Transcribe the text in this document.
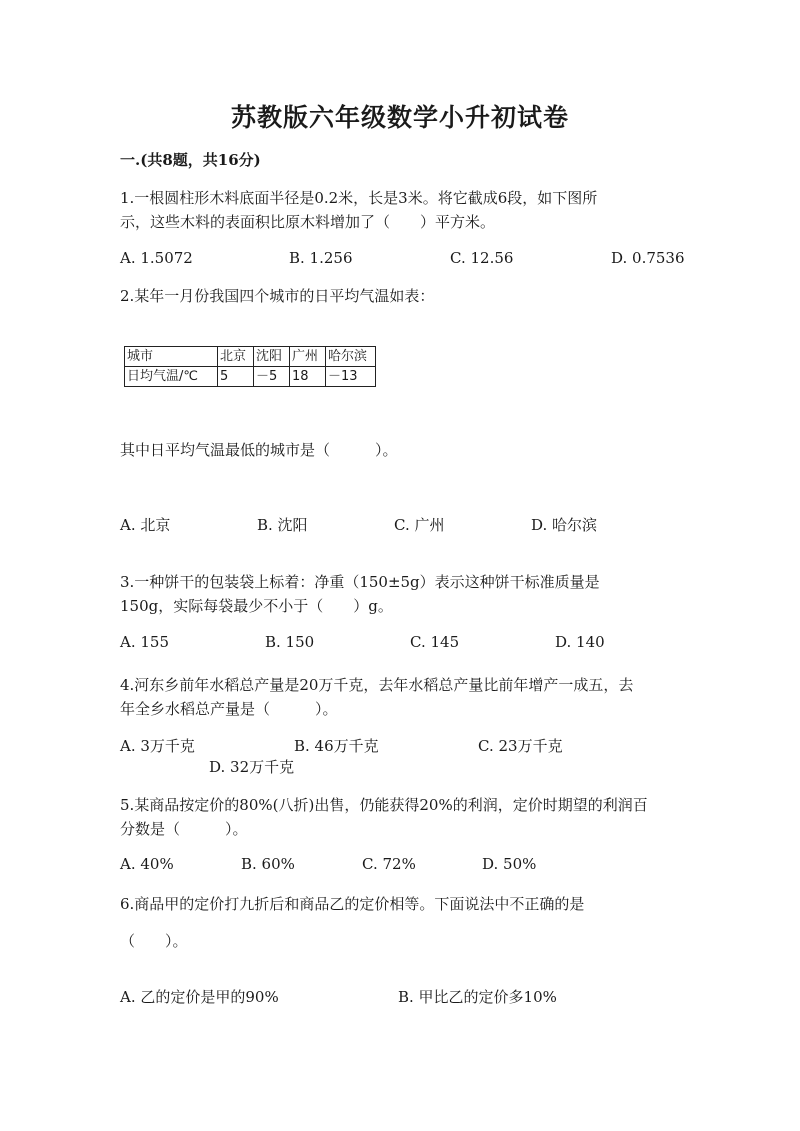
苏教版六年级数学小升初试卷
一.(共8题，共16分)
1.一根圆柱形木料底面半径是0.2米，长是3米。将它截成6段，如下图所
示，这些木料的表面积比原木料增加了（　　）平方米。
A. 1.5072	B. 1.256	C. 12.56	D. 0.7536
2.某年一月份我国四个城市的日平均气温如表：
城市	北京	沈阳	广州	哈尔滨
日均气温/℃	5	－5	18	－13
其中日平均气温最低的城市是（　　　）。
A. 北京	B. 沈阳	C. 广州	D. 哈尔滨
3.一种饼干的包装袋上标着：净重（150±5g）表示这种饼干标准质量是
150g，实际每袋最少不小于（　　）g。
A. 155	B. 150	C. 145	D. 140
4.河东乡前年水稻总产量是20万千克，去年水稻总产量比前年增产一成五，去
年全乡水稻总产量是（　　　）。
A. 3万千克	B. 46万千克	C. 23万千克
D. 32万千克
5.某商品按定价的80%(八折)出售，仍能获得20%的利润，定价时期望的利润百
分数是（　　　）。
A. 40%	B. 60%	C. 72%	D. 50%
6.商品甲的定价打九折后和商品乙的定价相等。下面说法中不正确的是
（　　）。
A. 乙的定价是甲的90%	B. 甲比乙的定价多10%
